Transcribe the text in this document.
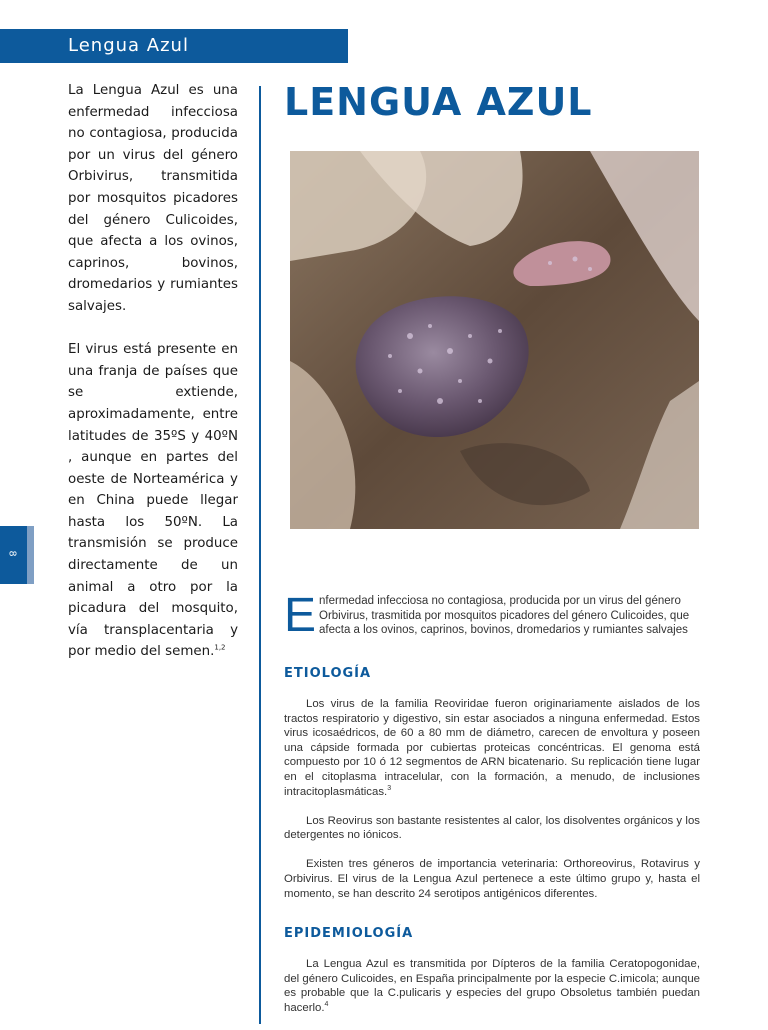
Lengua Azul

La Lengua Azul es una enfermedad infecciosa no contagiosa, producida por un virus del género Orbivirus, transmitida por mosquitos picadores del género Culicoides, que afecta a los ovinos, caprinos, bovinos, dromedarios y rumiantes salvajes.

El virus está presente en una franja de países que se extiende, aproximadamente, entre latitudes de 35ºS y 40ºN , aunque en partes del oeste de Norteamérica y en China puede llegar hasta los 50ºN. La transmisión se produce directamente de un animal a otro por la picadura del mosquito, vía transplacentaria y por medio del semen.$^{1,2}$

8
LENGUA AZUL
Enfermedad infecciosa no contagiosa, producida por un virus del género Orbivirus, trasmitida por mosquitos picadores del género Culicoides, que afecta a los ovinos, caprinos, bovinos, dromedarios y rumiantes salvajes
ETIOLOGÍA

Los virus de la familia Reoviridae fueron originariamente aislados de los tractos respiratorio y digestivo, sin estar asociados a ninguna enfermedad. Estos virus icosaédricos, de 60 a 80 mm de diámetro, carecen de envoltura y poseen una cápside formada por cubiertas proteicas concéntricas. El genoma está compuesto por 10 ó 12 segmentos de ARN bicatenario. Su replicación tiene lugar en el citoplasma intracelular, con la formación, a menudo, de inclusiones intracitoplasmáticas.$^3$

Los Reovirus son bastante resistentes al calor, los disolventes orgánicos y los detergentes no iónicos.

Existen tres géneros de importancia veterinaria: Orthoreovirus, Rotavirus y Orbivirus. El virus de la Lengua Azul pertenece a este último grupo y, hasta el momento, se han descrito 24 serotipos antigénicos diferentes.

EPIDEMIOLOGÍA

La Lengua Azul es transmitida por Dípteros de la familia Ceratopogonidae, del género Culicoides, en España principalmente por la especie C.imicola; aunque es probable que la C.pulicaris y especies del grupo Obsoletus también puedan hacerlo.$^4$
